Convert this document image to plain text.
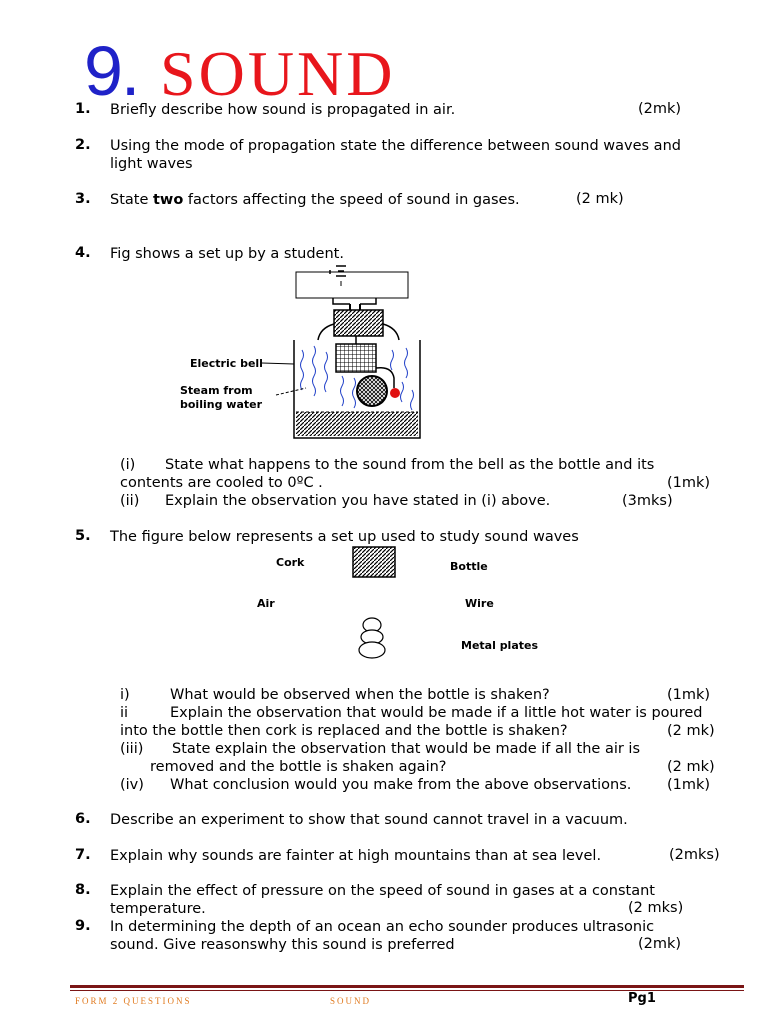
9. SOUND
1. Briefly describe how sound is propagated in air.	(2mk)
2. Using the mode of propagation state the difference between sound waves and
light waves
3. State two factors affecting the speed of sound in gases.	(2 mk)
4. Fig shows a set up by a student.
Electric bell
Steam from
boiling water
(i) State what happens to the sound from the bell as the bottle and its
contents are cooled to 0ºC .	(1mk)
(ii) Explain the observation you have stated in (i) above.	(3mks)
5. The figure below represents a set up used to study sound waves
Cork	Bottle
Air	Wire
Metal plates
i)	What would be observed when the bottle is shaken?	(1mk)
ii	Explain the observation that would be made if a little hot water is poured
into the bottle then cork is replaced and the bottle is shaken?	(2 mk)
(iii) State explain the observation that would be made if all the air is
removed and the bottle is shaken again?	(2 mk)
(iv) What conclusion would you make from the above observations. (1mk)
6. Describe an experiment to show that sound cannot travel in a vacuum.
7. Explain why sounds are fainter at high mountains than at sea level.	(2mks)
8. Explain the effect of pressure on the speed of sound in gases at a constant
temperature.	(2 mks)
9. In determining the depth of an ocean an echo sounder produces ultrasonic
sound. Give reasonswhy this sound is preferred	(2mk)
FORM 2 QUESTIONS	SOUND	Pg1
